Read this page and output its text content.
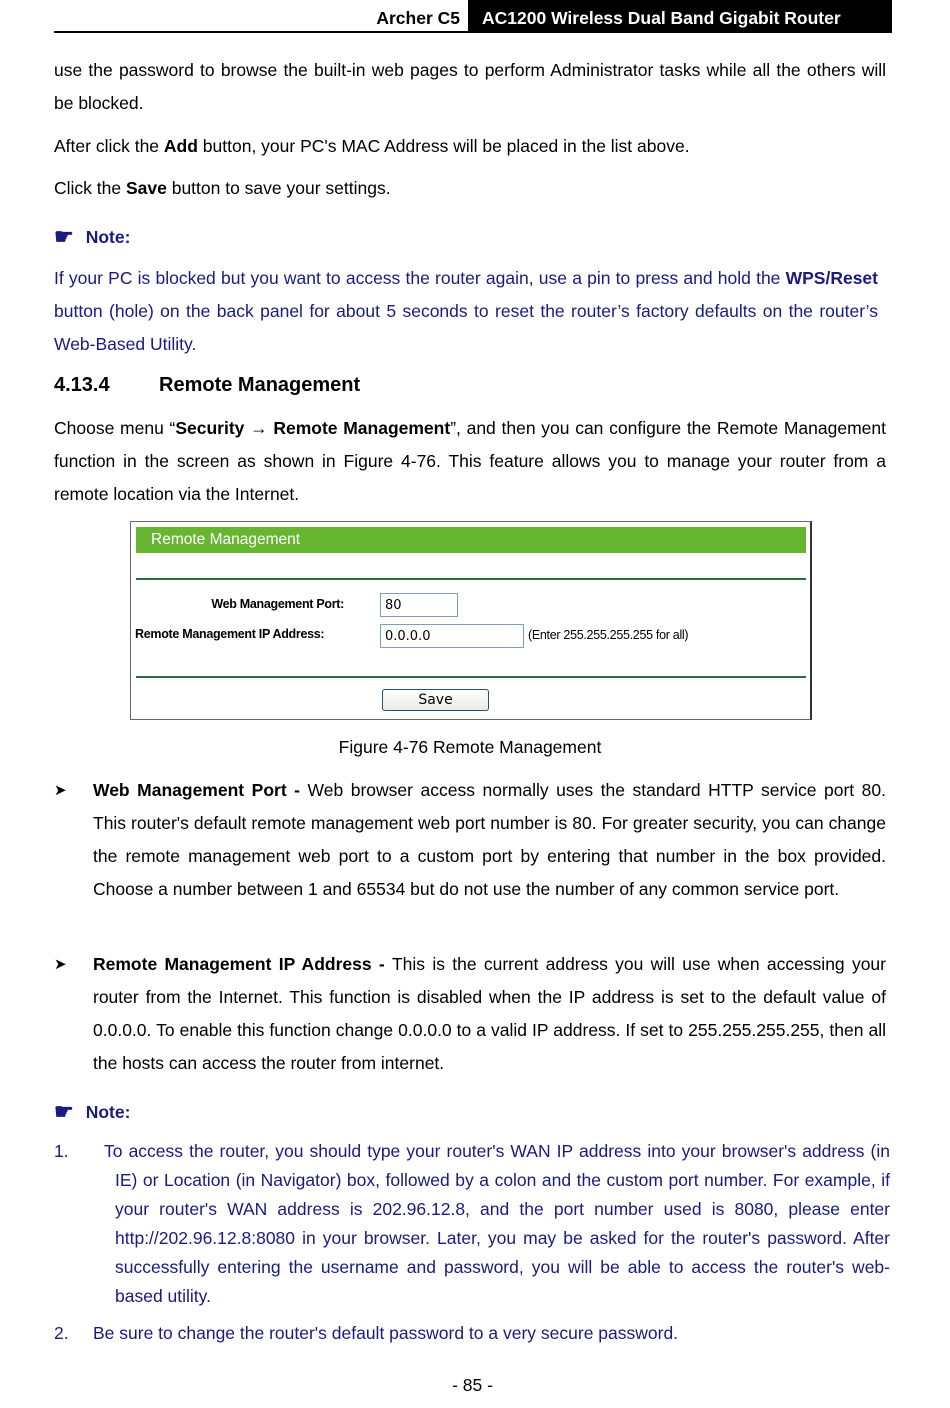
Archer C5	AC1200 Wireless Dual Band Gigabit Router

use the password to browse the built-in web pages to perform Administrator tasks while all the others will be blocked.

After click the Add button, your PC's MAC Address will be placed in the list above.

Click the Save button to save your settings.

☛ Note:

If your PC is blocked but you want to access the router again, use a pin to press and hold the WPS/Reset button (hole) on the back panel for about 5 seconds to reset the router’s factory defaults on the router’s Web-Based Utility.

4.13.4 Remote Management

Choose menu “Security → Remote Management”, and then you can configure the Remote Management function in the screen as shown in Figure 4-76. This feature allows you to manage your router from a remote location via the Internet.

Remote Management
Web Management Port:	80
Remote Management IP Address:	0.0.0.0	(Enter 255.255.255.255 for all)
Save
Figure 4-76 Remote Management
➤ Web Management Port - Web browser access normally uses the standard HTTP service port 80. This router's default remote management web port number is 80. For greater security, you can change the remote management web port to a custom port by entering that number in the box provided. Choose a number between 1 and 65534 but do not use the number of any common service port.

➤ Remote Management IP Address - This is the current address you will use when accessing your router from the Internet. This function is disabled when the IP address is set to the default value of 0.0.0.0. To enable this function change 0.0.0.0 to a valid IP address. If set to 255.255.255.255, then all the hosts can access the router from internet.

☛ Note:
1. To access the router, you should type your router's WAN IP address into your browser's address (in IE) or Location (in Navigator) box, followed by a colon and the custom port number. For example, if your router's WAN address is 202.96.12.8, and the port number used is 8080, please enter http://202.96.12.8:8080 in your browser. Later, you may be asked for the router's password. After successfully entering the username and password, you will be able to access the router's web-based utility.

2. Be sure to change the router's default password to a very secure password.

- 85 -
